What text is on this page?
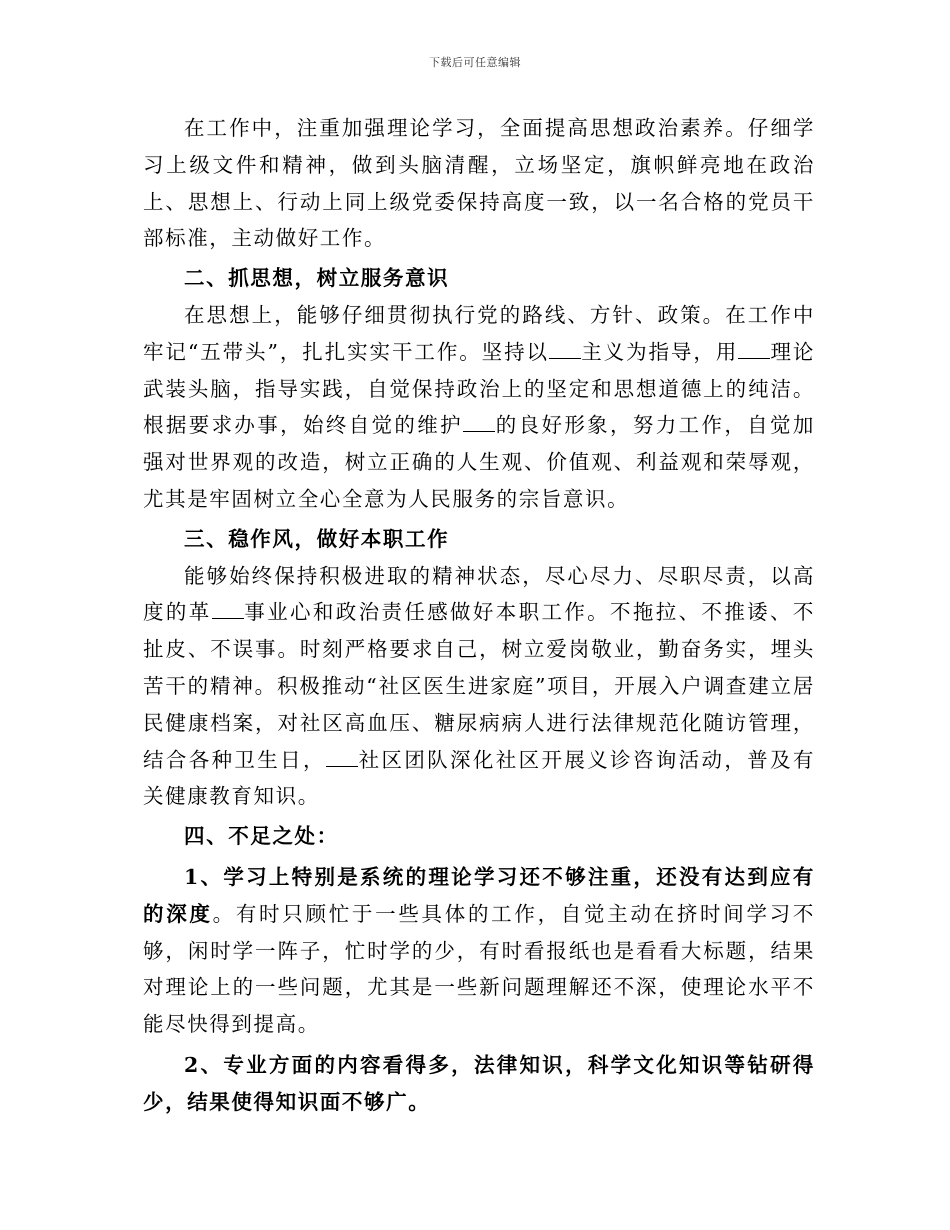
下载后可任意编辑

在工作中，注重加强理论学习，全面提高思想政治素养。仔细学习上级文件和精神，做到头脑清醒，立场坚定，旗帜鲜亮地在政治上、思想上、行动上同上级党委保持高度一致，以一名合格的党员干部标准，主动做好工作。

二、抓思想，树立服务意识

在思想上，能够仔细贯彻执行党的路线、方针、政策。在工作中牢记“五带头”，扎扎实实干工作。坚持以 主义为指导，用 理论武装头脑，指导实践，自觉保持政治上的坚定和思想道德上的纯洁。根据要求办事，始终自觉的维护 的良好形象，努力工作，自觉加强对世界观的改造，树立正确的人生观、价值观、利益观和荣辱观，尤其是牢固树立全心全意为人民服务的宗旨意识。

三、稳作风，做好本职工作

能够始终保持积极进取的精神状态，尽心尽力、尽职尽责，以高度的革 事业心和政治责任感做好本职工作。不拖拉、不推诿、不扯皮、不误事。时刻严格要求自己，树立爱岗敬业，勤奋务实，埋头苦干的精神。积极推动“社区医生进家庭”项目，开展入户调查建立居民健康档案，对社区高血压、糖尿病病人进行法律规范化随访管理，结合各种卫生日， 社区团队深化社区开展义诊咨询活动，普及有关健康教育知识。

四、不足之处：

1、学习上特别是系统的理论学习还不够注重，还没有达到应有的深度。有时只顾忙于一些具体的工作，自觉主动在挤时间学习不够，闲时学一阵子，忙时学的少，有时看报纸也是看看大标题，结果对理论上的一些问题，尤其是一些新问题理解还不深，使理论水平不能尽快得到提高。

2、专业方面的内容看得多，法律知识，科学文化知识等钻研得少，结果使得知识面不够广。
